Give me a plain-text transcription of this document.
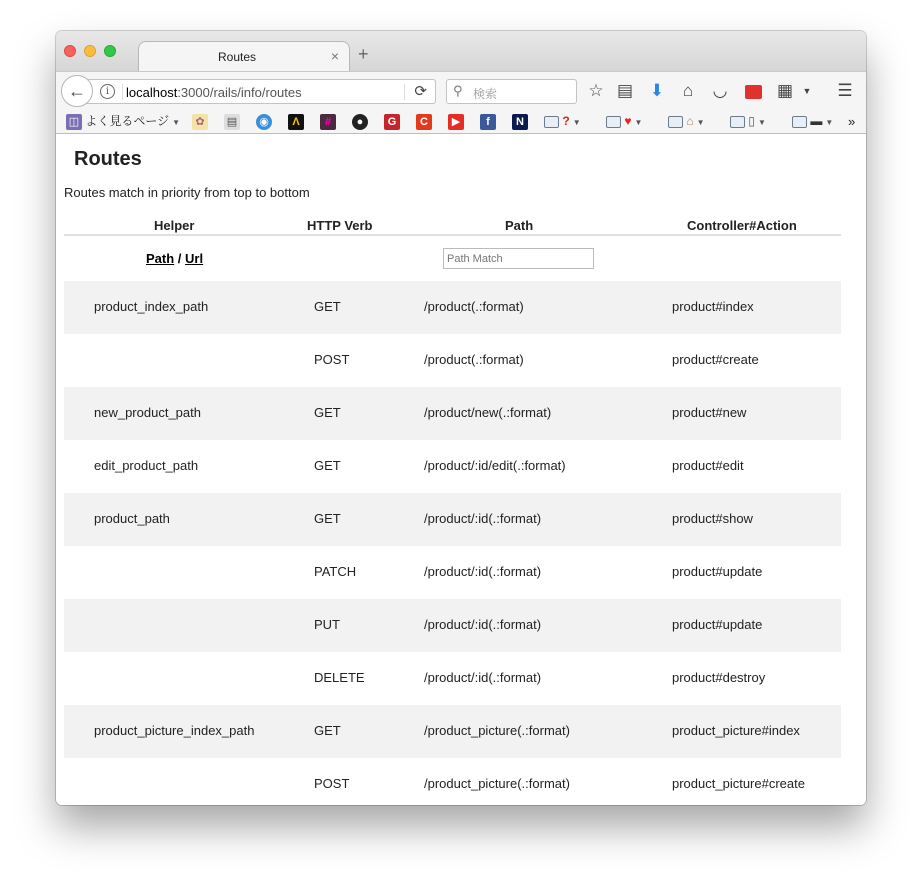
Routes	× +
i	localhost:3000/rails/info/routes	⟳
←	⚲ 検索	☆ ▤ ⬇	⌂	◡	▦	▼	☰
◫ よく見るページ ▼	✿	▤ ◉	Λ	#	●	G	C	▶	f	N	? ▼	♥ ▼	⌂ ▼	▯ ▼	▬ ▼ »
Routes

Routes match in priority from top to bottom

Helper	HTTP Verb	Path	Controller#Action
Path / Url
Path Match
product_index_path	GET	/product(.:format)	product#index
POST	/product(.:format)	product#create
new_product_path	GET	/product/new(.:format)	product#new
edit_product_path	GET	/product/:id/edit(.:format)	product#edit
product_path	GET	/product/:id(.:format)	product#show
PATCH	/product/:id(.:format)	product#update
PUT	/product/:id(.:format)	product#update
DELETE	/product/:id(.:format)	product#destroy
product_picture_index_path	GET	/product_picture(.:format)	product_picture#index
POST	/product_picture(.:format)	product_picture#create
